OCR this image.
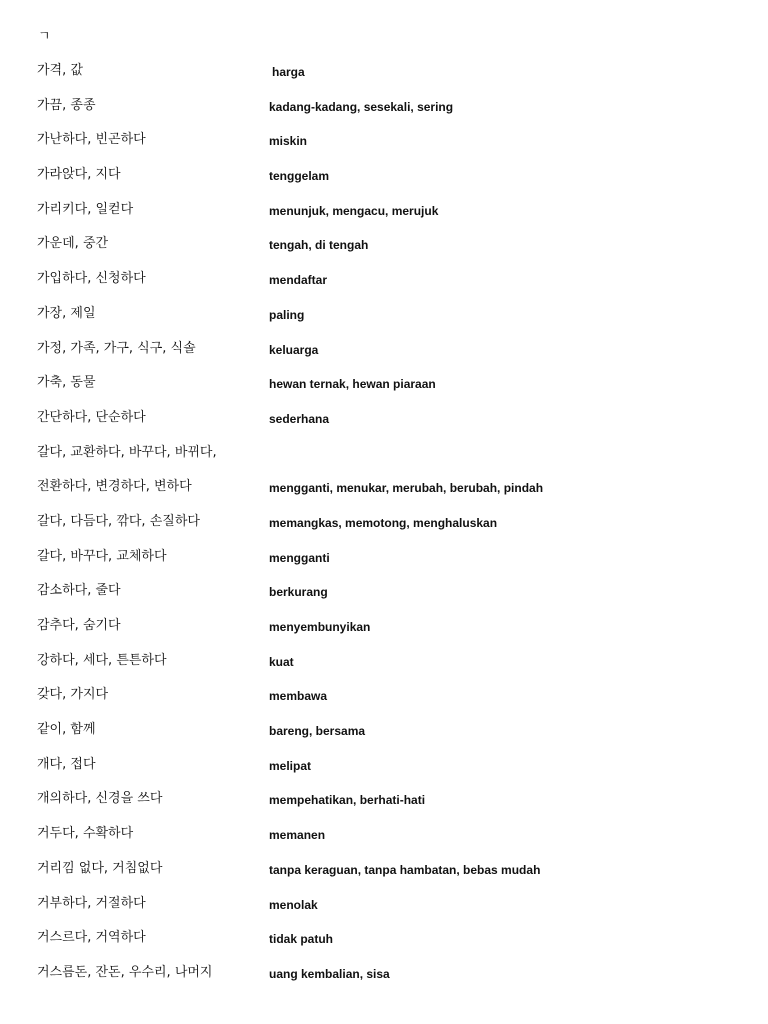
ㄱ
가격, 값	harga
가끔, 종종	kadang-kadang, sesekali, sering
가난하다, 빈곤하다	miskin
가라앉다, 지다	tenggelam
가리키다, 일컫다	menunjuk, mengacu, merujuk
가운데, 중간	tengah, di tengah
가입하다, 신청하다	mendaftar
가장, 제일	paling
가정, 가족, 가구, 식구, 식솔	keluarga
가축, 동물	hewan ternak, hewan piaraan
간단하다, 단순하다	sederhana
갈다, 교환하다, 바꾸다, 바뀌다,
전환하다, 변경하다, 변하다	mengganti, menukar, merubah, berubah, pindah
갈다, 다듬다, 깎다, 손질하다	memangkas, memotong, menghaluskan
갈다, 바꾸다, 교체하다	mengganti
감소하다, 줄다	berkurang
감추다, 숨기다	menyembunyikan
강하다, 세다, 튼튼하다	kuat
갖다, 가지다	membawa
같이, 함께	bareng, bersama
개다, 접다	melipat
개의하다, 신경을 쓰다	mempehatikan, berhati-hati
거두다, 수확하다	memanen
거리낌 없다, 거침없다	tanpa keraguan, tanpa hambatan, bebas mudah
거부하다, 거절하다	menolak
거스르다, 거역하다	tidak patuh
거스름돈, 잔돈, 우수리, 나머지	uang kembalian, sisa
